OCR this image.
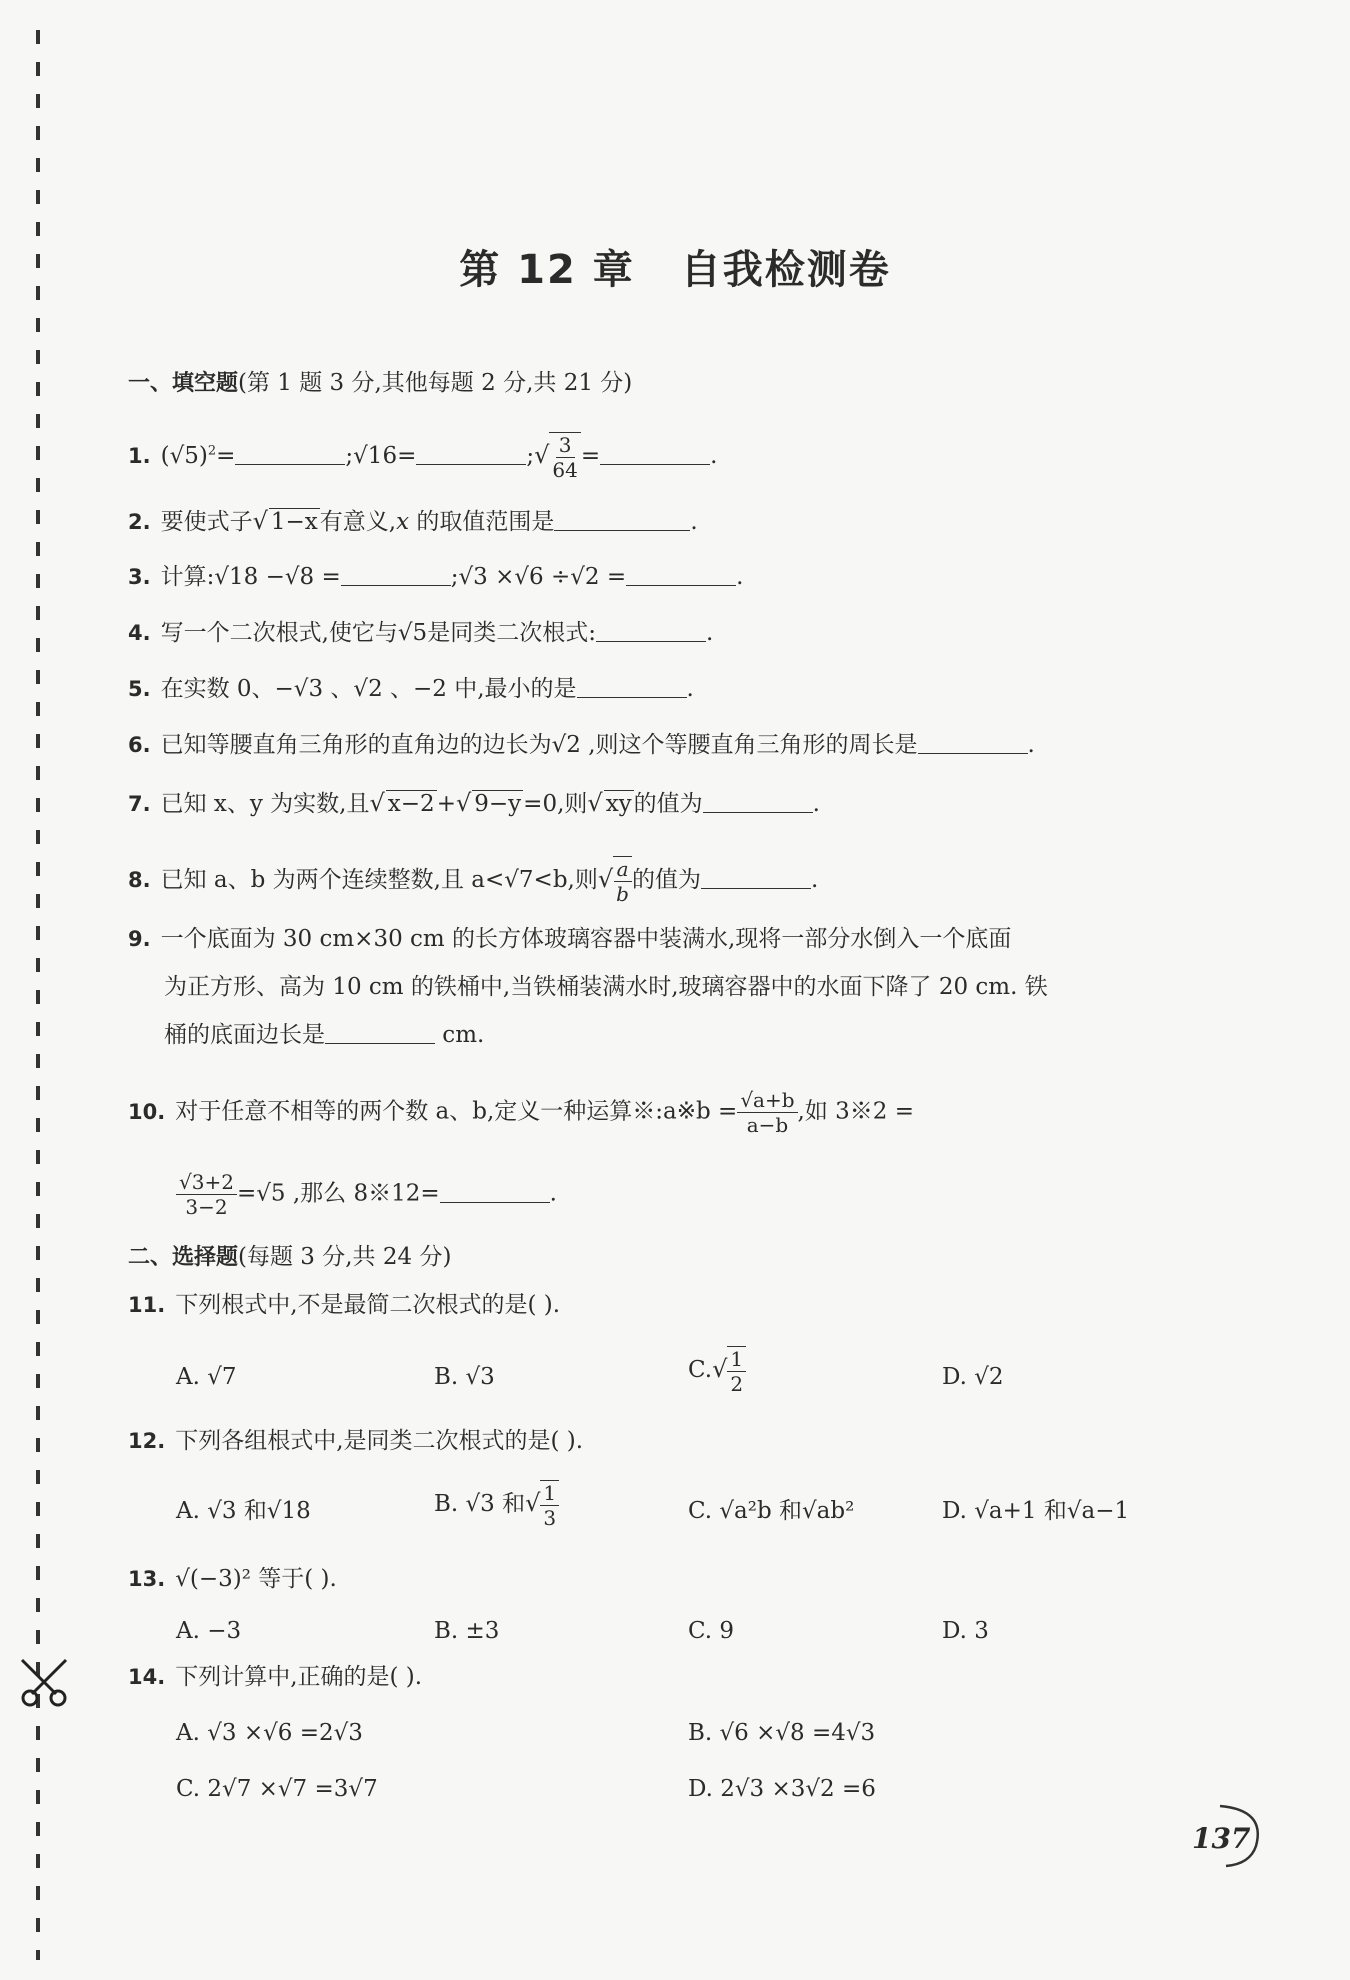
第 12 章 自我检测卷
一、填空题(第 1 题 3 分,其他每题 2 分,共 21 分)
1. $(√5)^2=$	;√16=	;√ $\frac{3}{64}$ =	.
2. 要使式子√ 1−x有意义,x 的取值范围是	.
3. 计算:√18 −√8 =	;√3 ×√6 ÷√2 =	.
4. 写一个二次根式,使它与√5是同类二次根式:	.
5. 在实数 0、−√3 、√2 、−2 中,最小的是	.
6. 已知等腰直角三角形的直角边的边长为√2 ,则这个等腰直角三角形的周长是	.
7. 已知 x、y 为实数,且√ x−2+√ 9−y=0,则√ xy的值为	.
8. 已知 a、b 为两个连续整数,且 a<√7<b,则√ $\frac{a}{b}$ 的值为	.
9. 一个底面为 30 cm×30 cm 的长方体玻璃容器中装满水,现将一部分水倒入一个底面
为正方形、高为 10 cm 的铁桶中,当铁桶装满水时,玻璃容器中的水面下降了 20 cm. 铁
桶的底面边长是	cm.
10. 对于任意不相等的两个数 a、b,定义一种运算※:a※b = $\frac{√a+b}{a-b}$ ,如 3※2 =
$\frac{√3+2}{3-2} =√5$ ,那么 8※12=	.
二、选择题(每题 3 分,共 24 分)
11. 下列根式中,不是最简二次根式的是( ).
A. √7	B. √3	$C.√ \frac{1}{2}$	D. √2
12. 下列各组根式中,是同类二次根式的是( ).
A. √3 和√18	B. √3 和√ $\frac{1}{3}$	C. √a²b 和√ab²	D. √a+1 和√a−1
13. √(−3)² 等于( ).
A. −3	B. ±3	C. 9	D. 3
14. 下列计算中,正确的是( ).
A. √3 ×√6 =2√3	B. √6 ×√8 =4√3
C. 2√7 ×√7 =3√7	D. 2√3 ×3√2 =6
137
